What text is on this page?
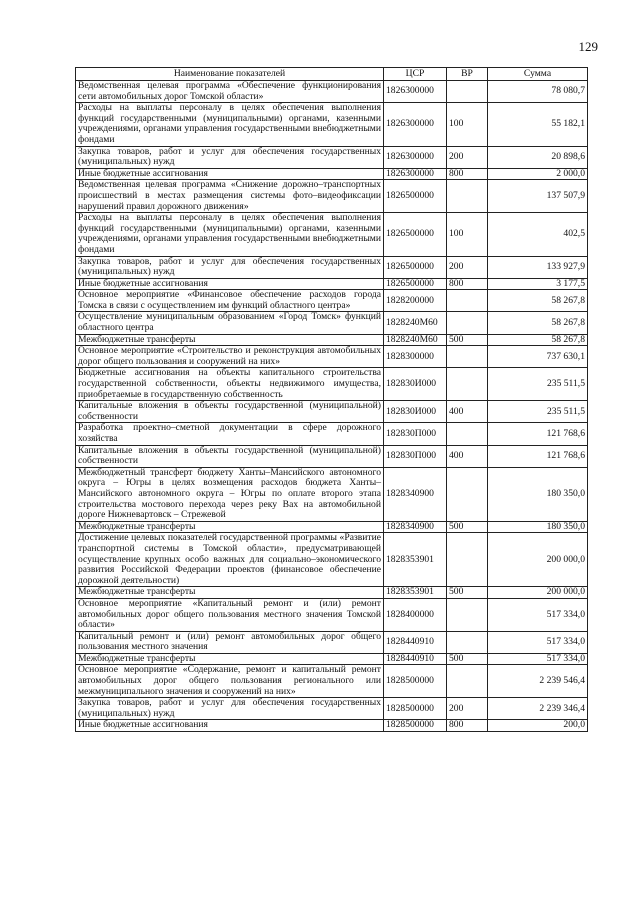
129
Наименование показателей	ЦСР	ВР	Сумма
Ведомственная целевая программа «Обеспечение функционирования сети автомобильных дорог Томской области»	1826300000		78 080,7
Расходы на выплаты персоналу в целях обеспечения выполнения функций государственными (муниципальными) органами, казенными учреждениями, органами управления государственными внебюджетными фондами	1826300000	100	55 182,1
Закупка товаров, работ и услуг для обеспечения государственных (муниципальных) нужд	1826300000	200	20 898,6
Иные бюджетные ассигнования	1826300000	800	2 000,0
Ведомственная целевая программа «Снижение дорожно–транспортных происшествий в местах размещения системы фото–видеофиксации нарушений правил дорожного движения»	1826500000		137 507,9
Расходы на выплаты персоналу в целях обеспечения выполнения функций государственными (муниципальными) органами, казенными учреждениями, органами управления государственными внебюджетными фондами	1826500000	100	402,5
Закупка товаров, работ и услуг для обеспечения государственных (муниципальных) нужд	1826500000	200	133 927,9
Иные бюджетные ассигнования	1826500000	800	3 177,5
Основное мероприятие «Финансовое обеспечение расходов города Томска в связи с осуществлением им функций областного центра»	1828200000		58 267,8
Осуществление муниципальным образованием «Город Томск» функций областного центра	1828240М60		58 267,8
Межбюджетные трансферты	1828240М60	500	58 267,8
Основное мероприятие «Строительство и реконструкция автомобильных дорог общего пользования и сооружений на них»	1828300000		737 630,1
Бюджетные ассигнования на объекты капитального строительства государственной собственности, объекты недвижимого имущества, приобретаемые в государственную собственность	182830И000		235 511,5
Капитальные вложения в объекты государственной (муниципальной) собственности	182830И000	400	235 511,5
Разработка проектно–сметной документации в сфере дорожного хозяйства	182830П000		121 768,6
Капитальные вложения в объекты государственной (муниципальной) собственности	182830П000	400	121 768,6
Межбюджетный трансферт бюджету Ханты–Мансийского автономного округа – Югры в целях возмещения расходов бюджета Ханты–Мансийского автономного округа – Югры по оплате второго этапа строительства мостового перехода через реку Вах на автомобильной дороге Нижневартовск – Стрежевой	1828340900		180 350,0
Межбюджетные трансферты	1828340900	500	180 350,0
Достижение целевых показателей государственной программы «Развитие транспортной системы в Томской области», предусматривающей осуществление крупных особо важных для социально–экономического развития Российской Федерации проектов (финансовое обеспечение дорожной деятельности)	1828353901		200 000,0
Межбюджетные трансферты	1828353901	500	200 000,0
Основное мероприятие «Капитальный ремонт и (или) ремонт автомобильных дорог общего пользования местного значения Томской области»	1828400000		517 334,0
Капитальный ремонт и (или) ремонт автомобильных дорог общего пользования местного значения	1828440910		517 334,0
Межбюджетные трансферты	1828440910	500	517 334,0
Основное мероприятие «Содержание, ремонт и капитальный ремонт автомобильных дорог общего пользования регионального или межмуниципального значения и сооружений на них»	1828500000		2 239 546,4
Закупка товаров, работ и услуг для обеспечения государственных (муниципальных) нужд	1828500000	200	2 239 346,4
Иные бюджетные ассигнования	1828500000	800	200,0
